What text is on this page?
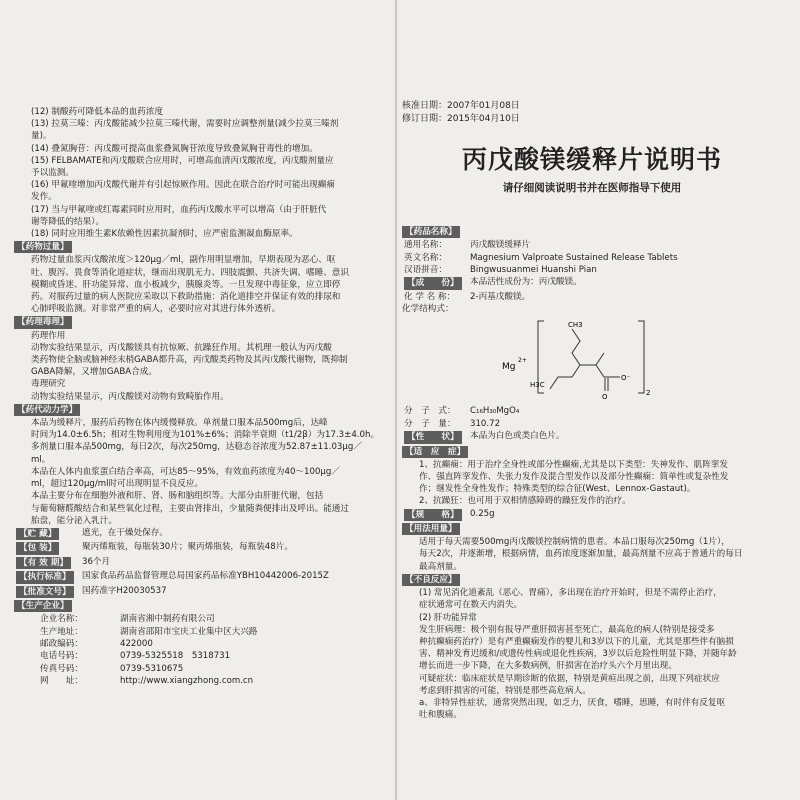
(12) 制酸药可降低本品的血药浓度
(13) 拉莫三嗪：丙戊酸能减少拉莫三嗪代谢，需要时应调整剂量(减少拉莫三嗪剂
量)。
(14) 叠氮胸苷：丙戊酸可提高血浆叠氮胸苷浓度导致叠氮胸苷毒性的增加。
(15) FELBAMATE和丙戊酸联合应用时，可增高血清丙戊酸浓度，丙戊酸剂量应
予以监测。
(16) 甲氟喹增加丙戊酸代谢并有引起惊厥作用。因此在联合治疗时可能出现癫痫
发作。
(17) 当与甲氟喹或红霉素同时应用时，血药丙戊酸水平可以增高（由于肝脏代
谢等降低的结果）。
(18) 同时应用维生素K依赖性因素抗凝剂时，应严密监测凝血酶原率。
【药物过量】
药物过量血浆丙戊酸浓度＞120μg／ml，副作用明显增加，早期表现为恶心、呕
吐、腹泻、畏食等消化道症状，继而出现肌无力、四肢震颤、共济失调、嗜睡、意识
模糊或昏迷、肝功能异常、血小板减少，胰腺炎等。一旦发现中毒征象，应立即停
药。对服药过量的病人医院应采取以下救助措施：消化道排空并保证有效的排尿和
心肺呼吸监测。对非常严重的病人，必要时应对其进行体外透析。
【药理毒理】
药理作用
动物实验结果显示，丙戊酸镁具有抗惊厥、抗躁狂作用。其机理一般认为丙戊酸
类药物使全脑或脑神经末梢GABA都升高，丙戊酸类药物及其丙戊酸代谢物，既抑制
GABA降解，又增加GABA合成。
毒理研究
动物实验结果显示，丙戊酸镁对动物有致畸胎作用。
【药代动力学】
本品为缓释片，服药后药物在体内缓慢释放。单剂量口服本品500mg后，达峰
时间为14.0±6.5h；相对生物利用度为101%±6%；消除半衰期（t1/2β）为17.3±4.0h。
多剂量口服本品500mg，每日2次，每次250mg，达稳态谷浓度为52.87±11.03μg／
ml。
本品在人体内血浆蛋白结合率高，可达85～95%，有效血药浓度为40～100μg／
ml，超过120μg/ml时可出现明显不良反应。
本品主要分布在细胞外液和肝、肾、肠和脑组织等。大部分由肝脏代谢，包括
与葡萄糖醛酸结合和某些氧化过程，主要由肾排出，少量随粪便排出及呼出。能通过
胎盘，能分泌入乳汁。
【贮 藏】	遮光，在干燥处保存。
【包 装】	聚丙烯瓶装，每瓶装30片；聚丙烯瓶装，每瓶装48片。
【有 效 期】	36个月
【执行标准】	国家食品药品监督管理总局国家药品标准YBH10442006-2015Z
【批准文号】	国药准字H20030537
【生产企业】
企业名称：	湖南省湘中制药有限公司
生产地址：	湖南省邵阳市宝庆工业集中区大兴路
邮政编码：	422000
电话号码：	0739-5325518　5318731
传真号码：	0739-5310675
网　　址：	http://www.xiangzhong.com.cn
核准日期：2007年01月08日
修订日期：2015年04月10日
丙戊酸镁缓释片说明书
请仔细阅读说明书并在医师指导下使用
【药品名称】
通用名称：	丙戊酸镁缓释片
英文名称：	Magnesium Valproate Sustained Release Tablets
汉语拼音：	Bingwusuanmei Huanshi Pian
【成　　份】	本品活性成份为：丙戊酸镁。
化 学 名 称：	2-丙基戊酸镁。
化学结构式：
Mg
2+
2
CH3
H3C
O
O⁻
分　子　式：	C₁₆H₃₀MgO₄
分　子　量：	310.72
【性　　状】	本品为白色或类白色片。
【适　应　症】
1、抗癫痫：用于治疗全身性或部分性癫痫,尤其是以下类型：失神发作、肌阵挛发
作、强直阵挛发作、失张力发作及混合型发作以及部分性癫痫：简单性或复杂性发
作；继发性全身性发作；特殊类型的综合征(West、Lennox-Gastaut)。
2、抗躁狂：也可用于双相情感障碍的躁狂发作的治疗。
【规　　格】	0.25g
【用法用量】
适用于每天需要500mg丙戊酸镁控制病情的患者。本品口服每次250mg（1片），
每天2次，并逐渐增，根据病情，血药浓度逐渐加量，最高剂量不应高于普通片的每日
最高剂量。
【不良反应】
(1) 常见消化道紊乱（恶心、胃痛），多出现在治疗开始时，但是不需停止治疗，
症状通常可在数天内消失。
(2) 肝功能异常
发生肝病理：极个别有报导严重肝损害甚至死亡，最高危的病人(特别是接受多
种抗癫痫药治疗）是有严重癫痫发作的婴儿和3岁以下的儿童，尤其是那些伴有脑损
害、精神发育迟缓和/或遗传性病或退化性疾病，3岁以后危险性明显下降，并随年龄
增长而进一步下降，在大多数病例，肝损害在治疗头六个月里出现。
可疑症状：临床症状是早期诊断的依据，特别是黄疸出现之前，出现下列症状应
考虑到肝损害的可能，特别是那些高危病人。
a、非特异性症状，通常突然出现，如乏力，厌食，嗜睡，思睡，有时伴有反复呕
吐和腹痛。
